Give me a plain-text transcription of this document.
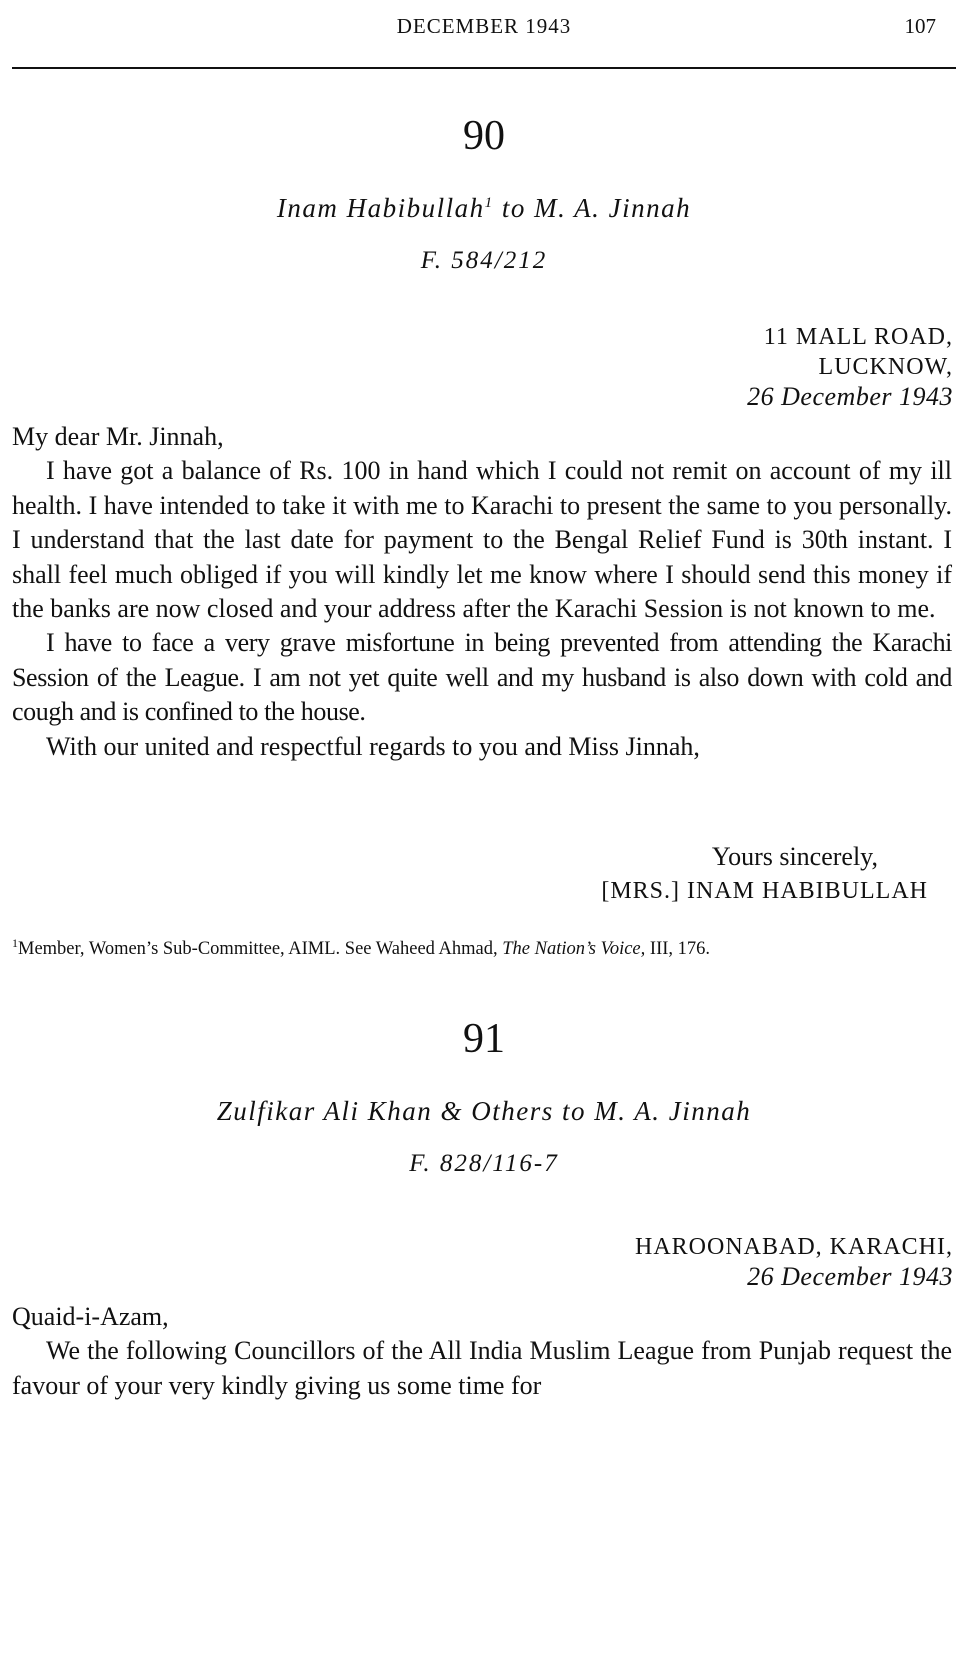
DECEMBER 1943	107
90
Inam Habibullah$^1$ to M. A. Jinnah
F. 584/212
11 MALL ROAD,
LUCKNOW,
26 December 1943

My dear Mr. Jinnah,

I have got a balance of Rs. 100 in hand which I could not remit on account of my ill health. I have intended to take it with me to Karachi to present the same to you personally. I understand that the last date for payment to the Bengal Relief Fund is 30th instant. I shall feel much obliged if you will kindly let me know where I should send this money if the banks are now closed and your address after the Karachi Session is not known to me.

I have to face a very grave misfortune in being prevented from attending the Karachi Session of the League. I am not yet quite well and my husband is also down with cold and cough and is confined to the house.

With our united and respectful regards to you and Miss Jinnah,

Yours sincerely,
[MRS.] INAM HABIBULLAH
$^1$Member, Women’s Sub-Committee, AIML. See Waheed Ahmad, The Nation’s Voice, III, 176.
91
Zulfikar Ali Khan & Others to M. A. Jinnah
F. 828/116-7
HAROONABAD, KARACHI,
26 December 1943

Quaid-i-Azam,

We the following Councillors of the All India Muslim League from Punjab request the favour of your very kindly giving us some time for
